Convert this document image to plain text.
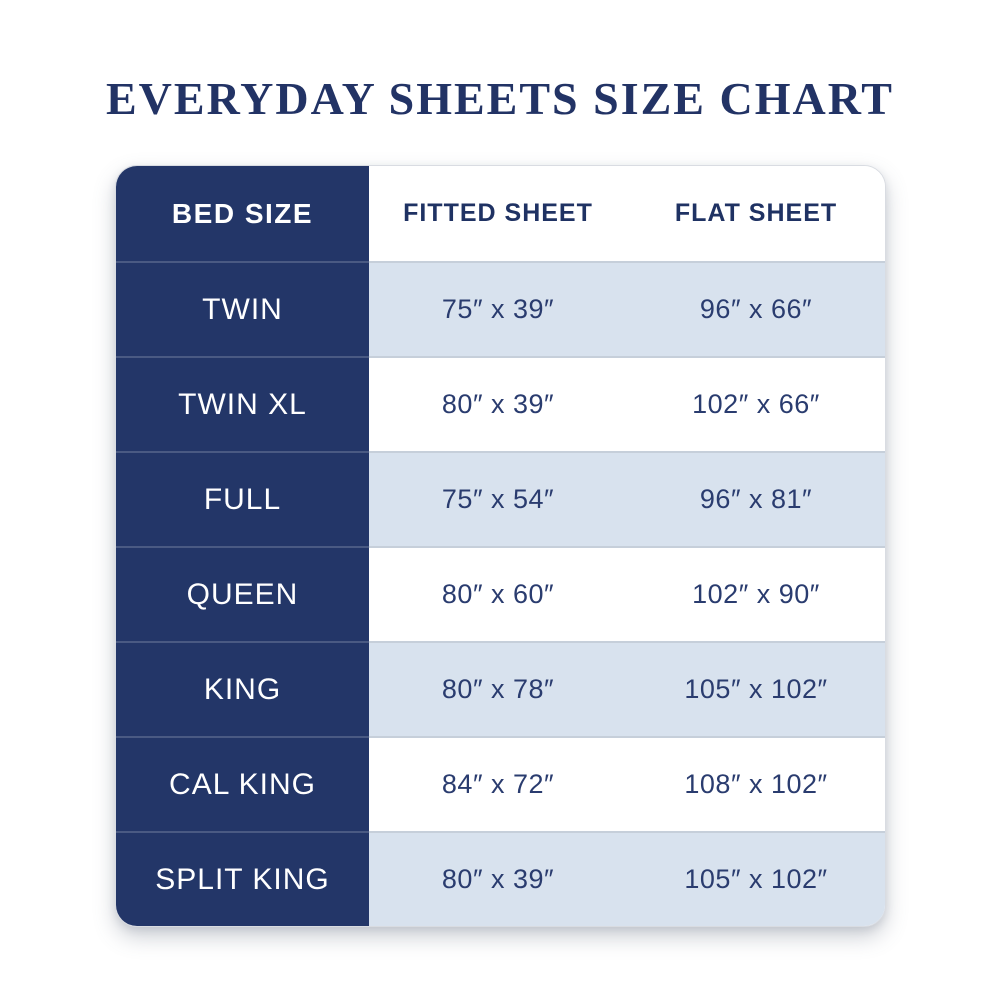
EVERYDAY SHEETS SIZE CHART
BED SIZE	FITTED SHEET	FLAT SHEET
TWIN	75″ x 39″	96″ x 66″
TWIN XL	80″ x 39″	102″ x 66″
FULL	75″ x 54″	96″ x 81″
QUEEN	80″ x 60″	102″ x 90″
KING	80″ x 78″	105″ x 102″
CAL KING	84″ x 72″	108″ x 102″
SPLIT KING	80″ x 39″	105″ x 102″
